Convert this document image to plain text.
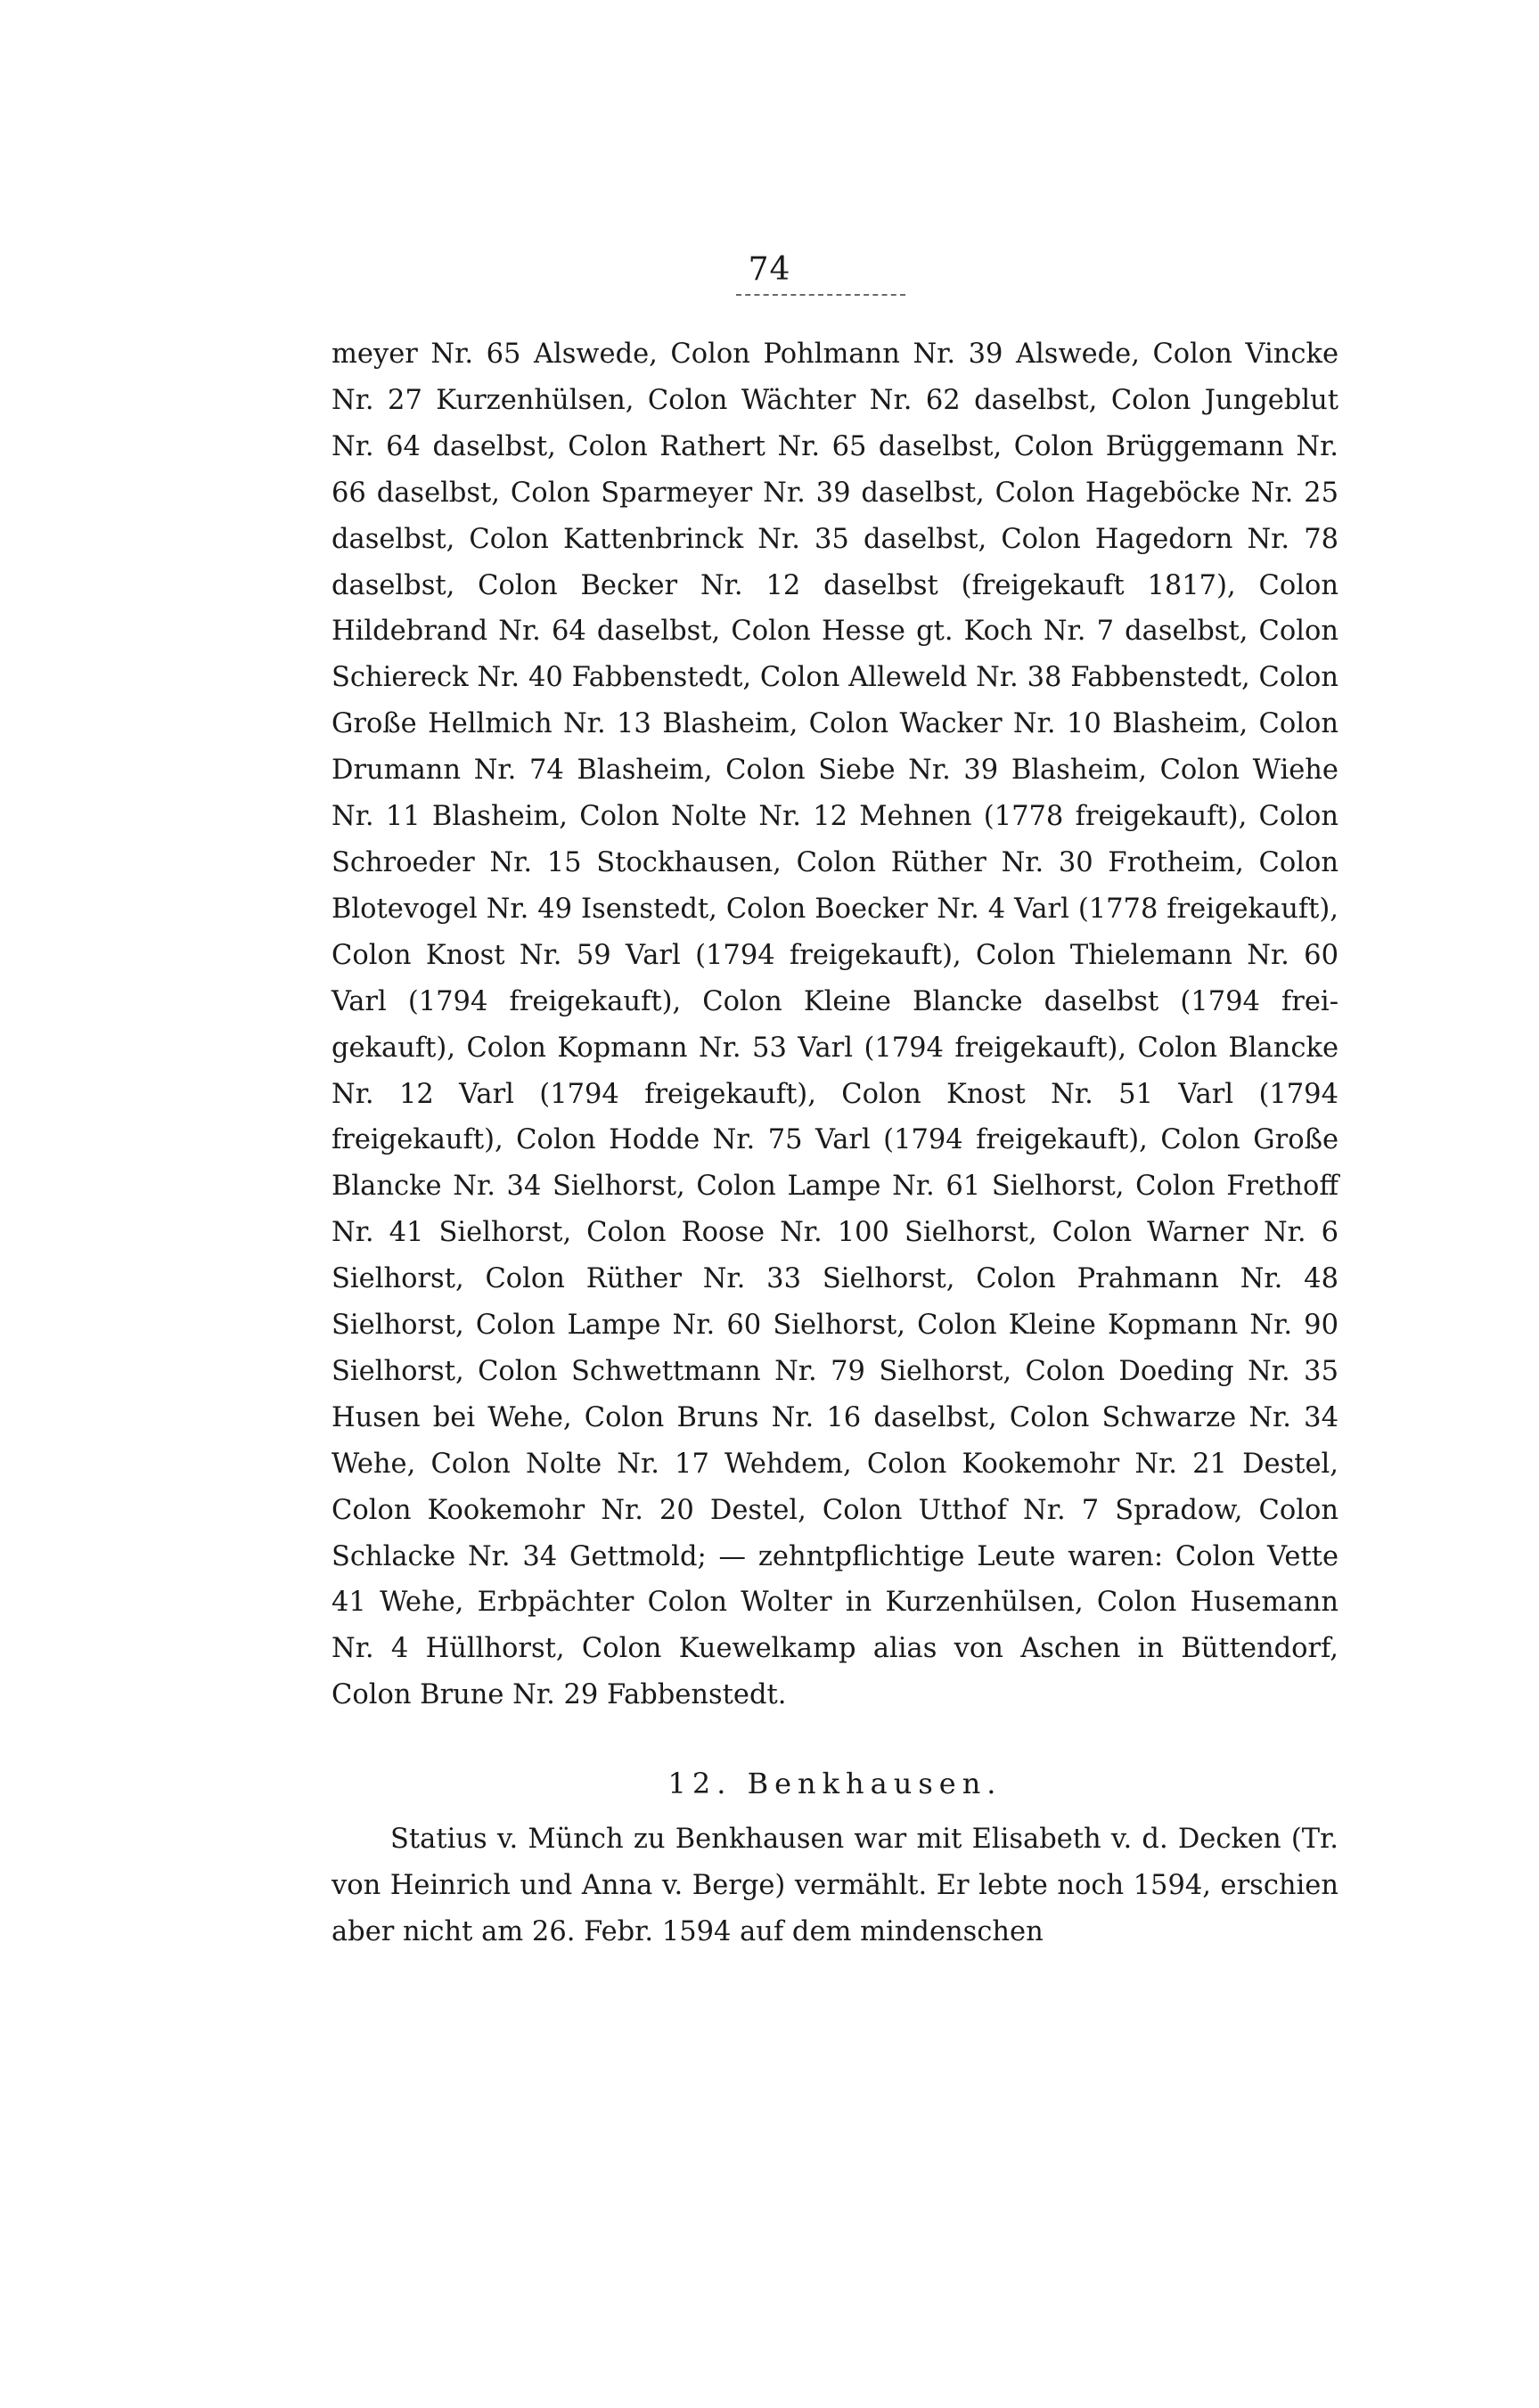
74

meyer Nr. 65 Alswede, Colon Pohlmann Nr. 39 Alswede, Colon Vincke Nr. 27 Kurzenhülsen, Colon Wächter Nr. 62 daselbst, Colon Jungeblut Nr. 64 daselbst, Colon Rathert Nr. 65 daselbst, Colon Brüggemann Nr. 66 daselbst, Colon Sparmeyer Nr. 39 daselbst, Colon Hageböcke Nr. 25 daselbst, Colon Kattenbrinck Nr. 35 daselbst, Colon Hagedorn Nr. 78 daselbst, Colon Becker Nr. 12 daselbst (freigekauft 1817), Colon Hildebrand Nr. 64 daselbst, Colon Hesse gt. Koch Nr. 7 daselbst, Colon Schiereck Nr. 40 Fabbenstedt, Colon Alleweld Nr. 38 Fabbenstedt, Colon Große Hellmich Nr. 13 Blasheim, Colon Wacker Nr. 10 Blasheim, Colon Drumann Nr. 74 Blasheim, Colon Siebe Nr. 39 Blasheim, Colon Wiehe Nr. 11 Blasheim, Colon Nolte Nr. 12 Mehnen (1778 freigekauft), Colon Schroeder Nr. 15 Stockhausen, Colon Rüther Nr. 30 Frotheim, Colon Blotevogel Nr. 49 Isenstedt, Colon Boecker Nr. 4 Varl (1778 freigekauft), Colon Knost Nr. 59 Varl (1794 freigekauft), Colon Thielemann Nr. 60 Varl (1794 freigekauft), Colon Kleine Blancke daselbst (1794 freigekauft), Colon Kopmann Nr. 53 Varl (1794 freigekauft), Colon Blancke Nr. 12 Varl (1794 freigekauft), Colon Knost Nr. 51 Varl (1794 freigekauft), Colon Hodde Nr. 75 Varl (1794 freigekauft), Colon Große Blancke Nr. 34 Sielhorst, Colon Lampe Nr. 61 Sielhorst, Colon Frethoff Nr. 41 Sielhorst, Colon Roose Nr. 100 Sielhorst, Colon Warner Nr. 6 Sielhorst, Colon Rüther Nr. 33 Sielhorst, Colon Prahmann Nr. 48 Sielhorst, Colon Lampe Nr. 60 Sielhorst, Colon Kleine Kopmann Nr. 90 Sielhorst, Colon Schwettmann Nr. 79 Sielhorst, Colon Doeding Nr. 35 Husen bei Wehe, Colon Bruns Nr. 16 daselbst, Colon Schwarze Nr. 34 Wehe, Colon Nolte Nr. 17 Wehdem, Colon Kookemohr Nr. 21 Destel, Colon Kookemohr Nr. 20 Destel, Colon Utthof Nr. 7 Spradow, Colon Schlacke Nr. 34 Gettmold; — zehntpflichtige Leute waren: Colon Vette 41 Wehe, Erbpächter Colon Wolter in Kurzenhülsen, Colon Husemann Nr. 4 Hüllhorst, Colon Kuewelkamp alias von Aschen in Büttendorf, Colon Brune Nr. 29 Fabbenstedt.

12. Benkhausen.

Statius v. Münch zu Benkhausen war mit Elisabeth v. d. Decken (Tr. von Heinrich und Anna v. Berge) vermählt. Er lebte noch 1594, erschien aber nicht am 26. Febr. 1594 auf dem mindenschen
